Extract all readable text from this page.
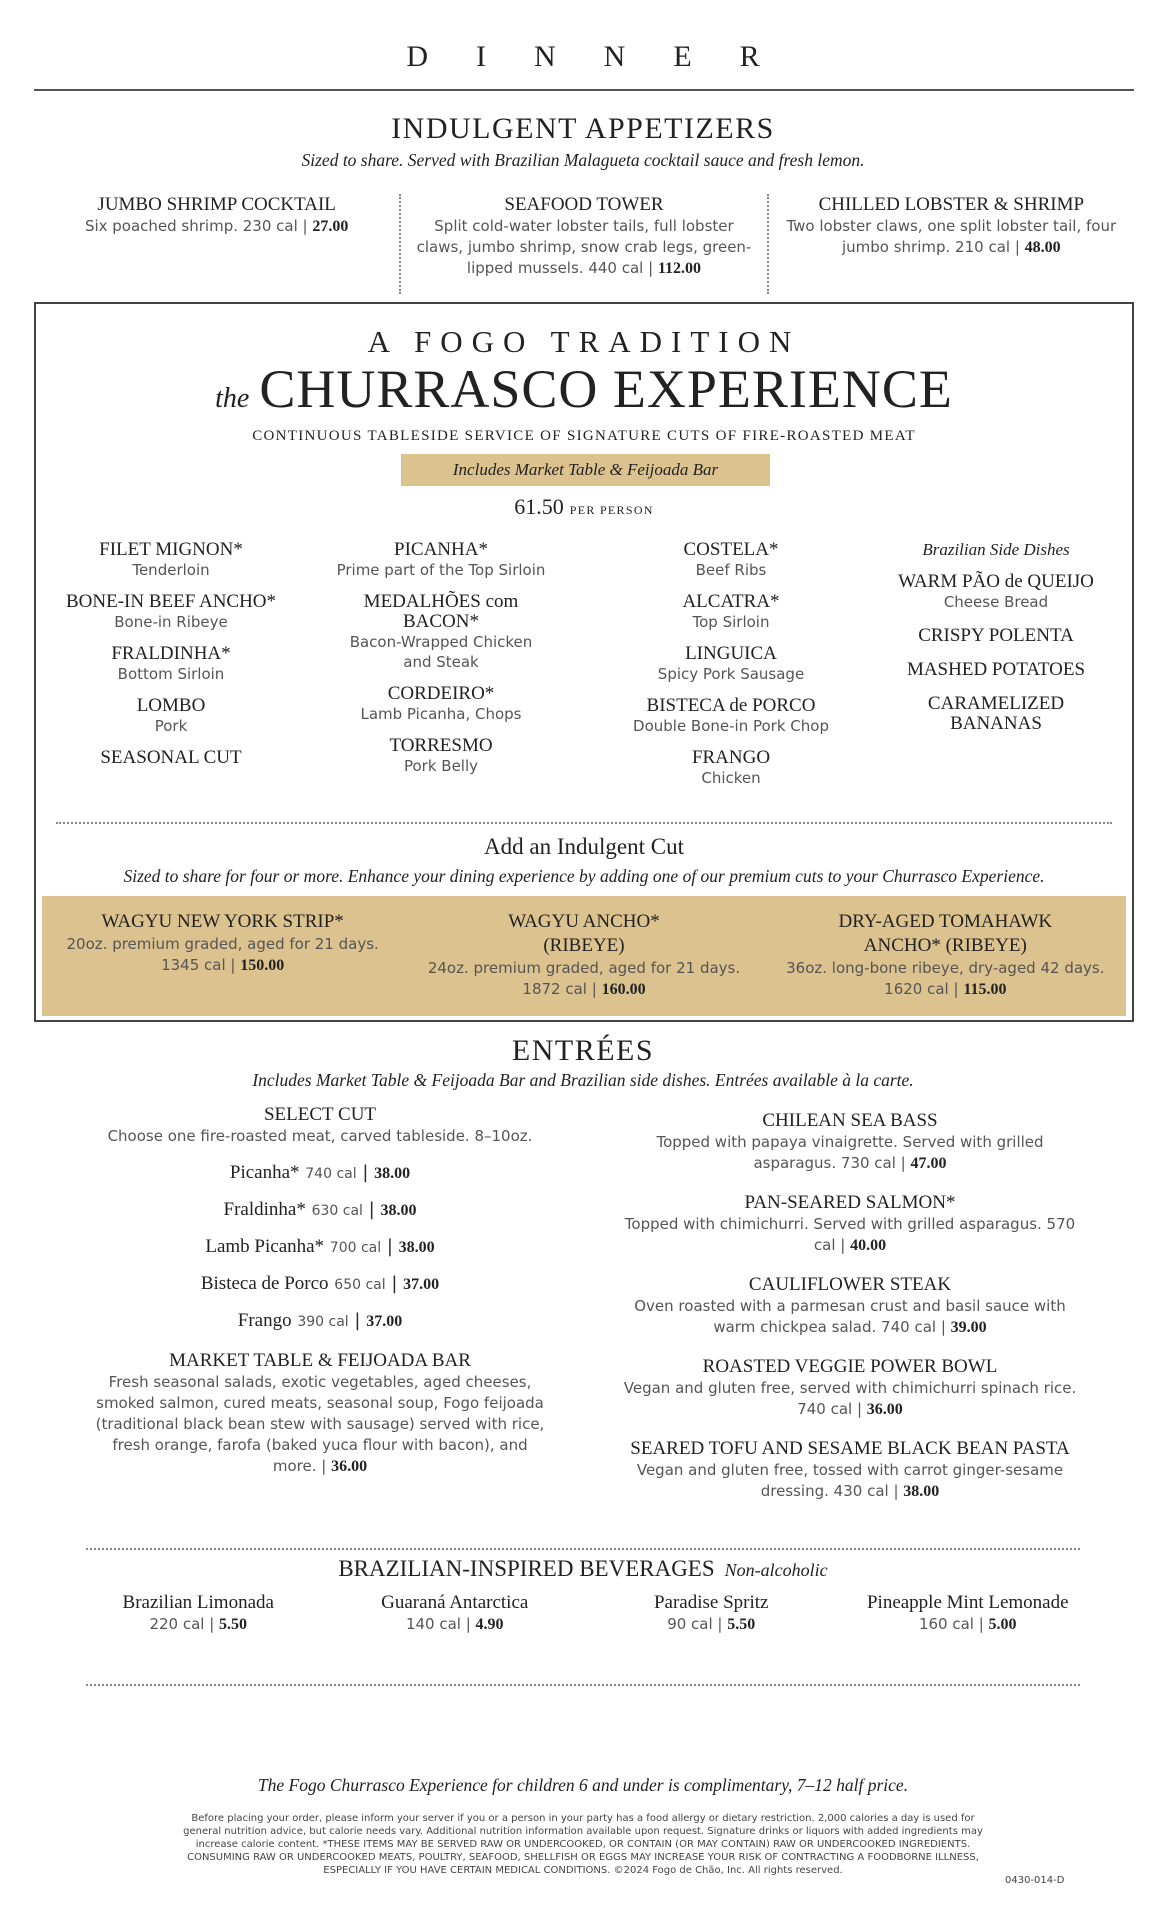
DINNER
INDULGENT APPETIZERS
Sized to share. Served with Brazilian Malagueta cocktail sauce and fresh lemon.
JUMBO SHRIMP COCKTAIL
Six poached shrimp. 230 cal | 27.00
SEAFOOD TOWER
Split cold-water lobster tails, full lobster claws, jumbo shrimp, snow crab legs, green-lipped mussels. 440 cal | 112.00
CHILLED LOBSTER & SHRIMP
Two lobster claws, one split lobster tail, four jumbo shrimp. 210 cal | 48.00
A FOGO TRADITION
the CHURRASCO EXPERIENCE
CONTINUOUS TABLESIDE SERVICE OF SIGNATURE CUTS OF FIRE-ROASTED MEAT
Includes Market Table & Feijoada Bar
61.50 PER PERSON
FILET MIGNON*
Tenderloin
BONE-IN BEEF ANCHO*
Bone-in Ribeye
FRALDINHA*
Bottom Sirloin
LOMBO
Pork
SEASONAL CUT
PICANHA*
Prime part of the Top Sirloin
MEDALHÕES com BACON*
Bacon-Wrapped Chicken and Steak
CORDEIRO*
Lamb Picanha, Chops
TORRESMO
Pork Belly
COSTELA*
Beef Ribs
ALCATRA*
Top Sirloin
LINGUICA
Spicy Pork Sausage
BISTECA de PORCO
Double Bone-in Pork Chop
FRANGO
Chicken
Brazilian Side Dishes
WARM PÃO de QUEIJO
Cheese Bread
CRISPY POLENTA
MASHED POTATOES
CARAMELIZED BANANAS
Add an Indulgent Cut
Sized to share for four or more. Enhance your dining experience by adding one of our premium cuts to your Churrasco Experience.
WAGYU NEW YORK STRIP*
20oz. premium graded, aged for 21 days.
1345 cal | 150.00
WAGYU ANCHO* (RIBEYE)
24oz. premium graded, aged for 21 days.
1872 cal | 160.00
DRY-AGED TOMAHAWK ANCHO* (RIBEYE)
36oz. long-bone ribeye, dry-aged 42 days.
1620 cal | 115.00
ENTRÉES
Includes Market Table & Feijoada Bar and Brazilian side dishes. Entrées available à la carte.
SELECT CUT
Choose one fire-roasted meat, carved tableside. 8–10oz.
Picanha* 740 cal | 38.00
Fraldinha* 630 cal | 38.00
Lamb Picanha* 700 cal | 38.00
Bisteca de Porco 650 cal | 37.00
Frango 390 cal | 37.00
MARKET TABLE & FEIJOADA BAR
Fresh seasonal salads, exotic vegetables, aged cheeses, smoked salmon, cured meats, seasonal soup, Fogo feijoada (traditional black bean stew with sausage) served with rice, fresh orange, farofa (baked yuca flour with bacon), and more. | 36.00
CHILEAN SEA BASS
Topped with papaya vinaigrette. Served with grilled asparagus. 730 cal | 47.00
PAN-SEARED SALMON*
Topped with chimichurri. Served with grilled asparagus. 570 cal | 40.00
CAULIFLOWER STEAK
Oven roasted with a parmesan crust and basil sauce with warm chickpea salad. 740 cal | 39.00
ROASTED VEGGIE POWER BOWL
Vegan and gluten free, served with chimichurri spinach rice. 740 cal | 36.00
SEARED TOFU AND SESAME BLACK BEAN PASTA
Vegan and gluten free, tossed with carrot ginger-sesame dressing. 430 cal | 38.00
BRAZILIAN-INSPIRED BEVERAGES Non-alcoholic
Brazilian Limonada
220 cal | 5.50
Guaraná Antarctica
140 cal | 4.90
Paradise Spritz
90 cal | 5.50
Pineapple Mint Lemonade
160 cal | 5.00
The Fogo Churrasco Experience for children 6 and under is complimentary, 7–12 half price.
Before placing your order, please inform your server if you or a person in your party has a food allergy or dietary restriction. 2,000 calories a day is used for general nutrition advice, but calorie needs vary. Additional nutrition information available upon request. Signature drinks or liquors with added ingredients may increase calorie content. *THESE ITEMS MAY BE SERVED RAW OR UNDERCOOKED, OR CONTAIN (OR MAY CONTAIN) RAW OR UNDERCOOKED INGREDIENTS. CONSUMING RAW OR UNDERCOOKED MEATS, POULTRY, SEAFOOD, SHELLFISH OR EGGS MAY INCREASE YOUR RISK OF CONTRACTING A FOODBORNE ILLNESS, ESPECIALLY IF YOU HAVE CERTAIN MEDICAL CONDITIONS. ©2024 Fogo de Chão, Inc. All rights reserved.
0430-014-D
